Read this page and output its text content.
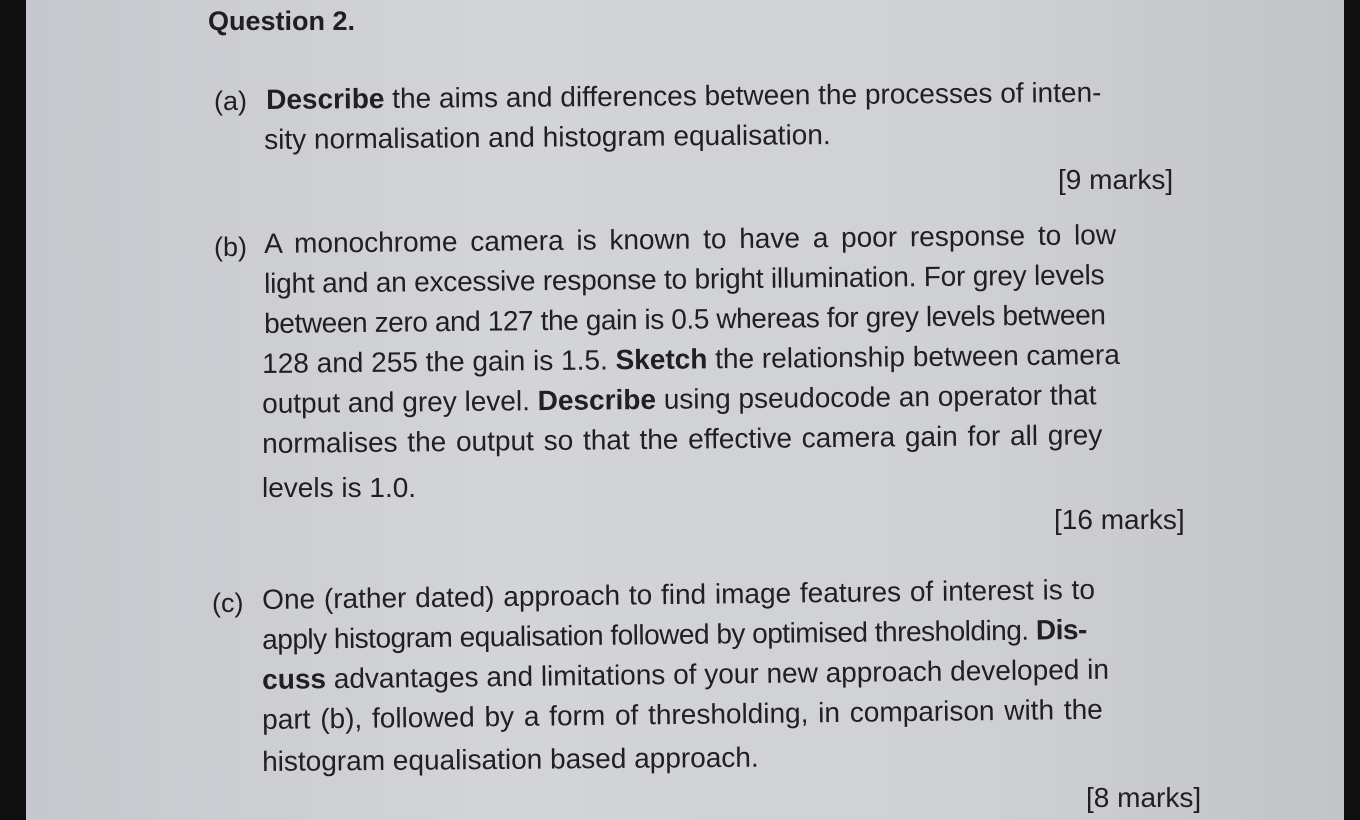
Question 2.
(a) Describe the aims and differences between the processes of inten-
sity normalisation and histogram equalisation.
[9 marks]
(b) A monochrome camera is known to have a poor response to low
light and an excessive response to bright illumination. For grey levels
between zero and 127 the gain is 0.5 whereas for grey levels between
128 and 255 the gain is 1.5. Sketch the relationship between camera
output and grey level. Describe using pseudocode an operator that
normalises the output so that the effective camera gain for all grey
levels is 1.0.
[16 marks]
(c) One (rather dated) approach to find image features of interest is to
apply histogram equalisation followed by optimised thresholding. Dis-
cuss advantages and limitations of your new approach developed in
part (b), followed by a form of thresholding, in comparison with the
histogram equalisation based approach.
[8 marks]
